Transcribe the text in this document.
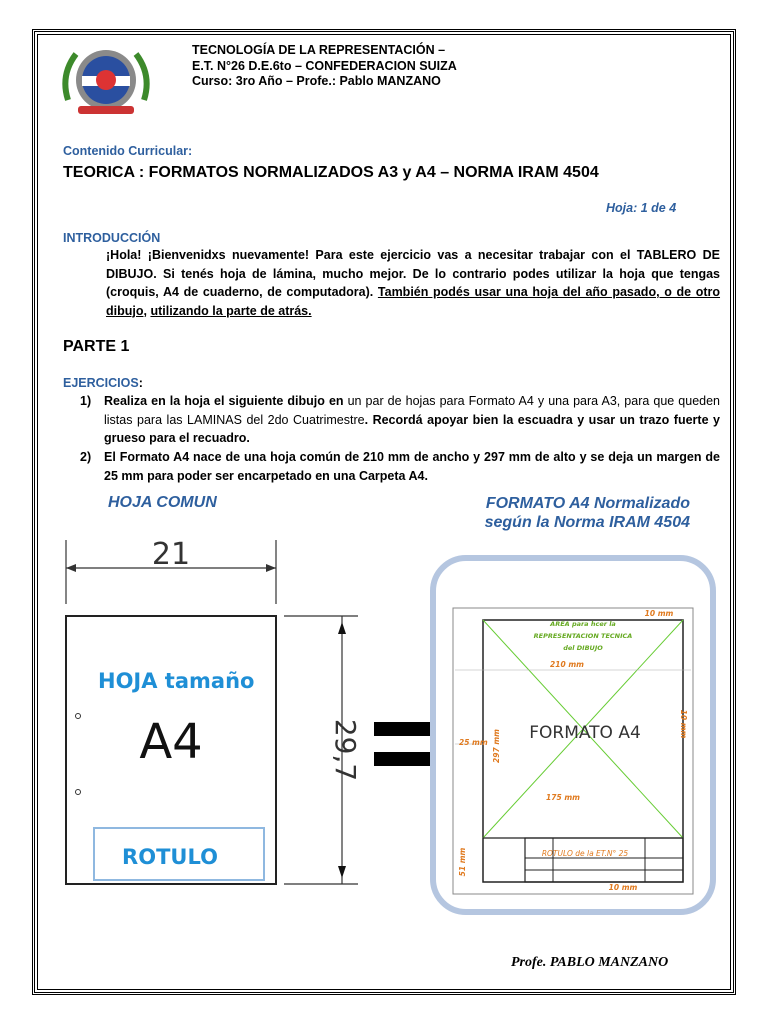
TECNOLOGÍA DE LA REPRESENTACIÓN –
E.T. N°26 D.E.6to – CONFEDERACION SUIZA
Curso: 3ro Año – Profe.: Pablo MANZANO
Contenido Curricular:
TEORICA : FORMATOS NORMALIZADOS A3 y A4 – NORMA IRAM 4504
Hoja: 1 de 4
INTRODUCCIÓN
¡Hola! ¡Bienvenidxs nuevamente! Para este ejercicio vas a necesitar trabajar con el TABLERO DE DIBUJO. Si tenés hoja de lámina, mucho mejor. De lo contrario podes utilizar la hoja que tengas (croquis, A4 de cuaderno, de computadora). También podés usar una hoja del año pasado, o de otro dibujo, utilizando la parte de atrás.
PARTE 1
EJERCICIOS:
1) Realiza en la hoja el siguiente dibujo en un par de hojas para Formato A4 y una para A3, para que queden listas para las LAMINAS del 2do Cuatrimestre. Recordá apoyar bien la escuadra y usar un trazo fuerte y grueso para el recuadro.
2) El Formato A4 nace de una hoja común de 210 mm de ancho y 297 mm de alto y se deja un margen de 25 mm para poder ser encarpetado en una Carpeta A4.
HOJA COMUN	FORMATO A4 Normalizado
según la Norma IRAM 4504
21
HOJA tamaño
A4
ROTULO
29,7
10 mm
AREA para hcer la
REPRESENTACION TECNICA
del DIBUJO
210 mm
FORMATO A4
25 mm 297 mm
10 mm
175 mm
ROTULO de la ET.N° 25
51 mm
10 mm
Profe. PABLO MANZANO
